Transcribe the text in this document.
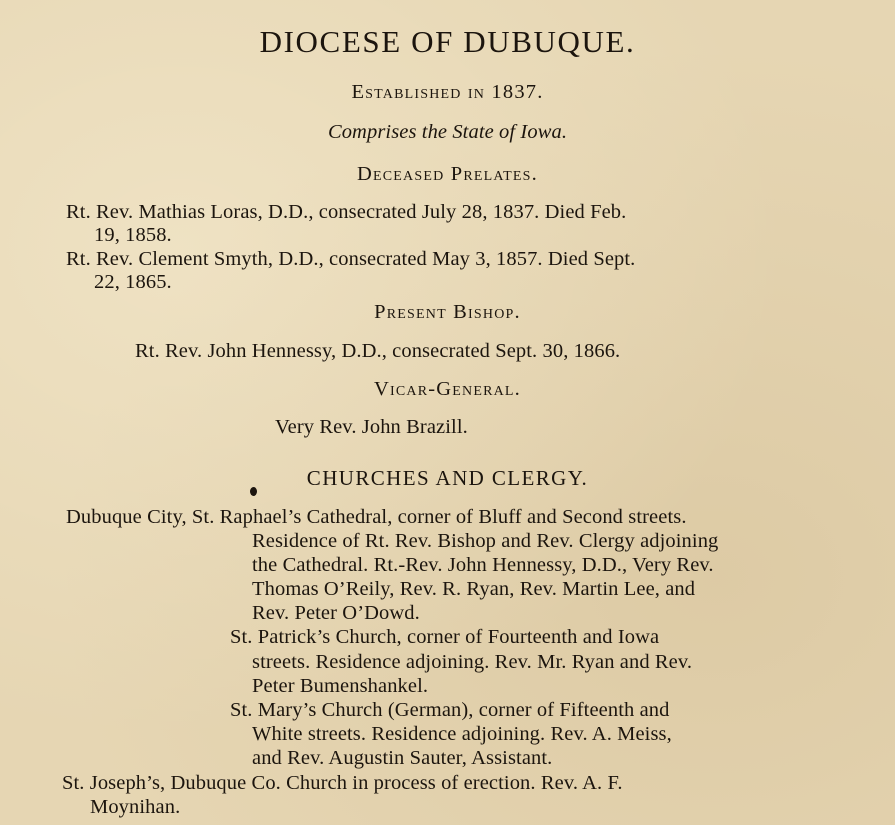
DIOCESE OF DUBUQUE.
Established in 1837.
Comprises the State of Iowa.
Deceased Prelates.
Rt. Rev. Mathias Loras, D.D., consecrated July 28, 1837. Died Feb.
19, 1858.
Rt. Rev. Clement Smyth, D.D., consecrated May 3, 1857. Died Sept.
22, 1865.
Present Bishop.
Rt. Rev. John Hennessy, D.D., consecrated Sept. 30, 1866.
Vicar-General.
Very Rev. John Brazill.
CHURCHES AND CLERGY.
Dubuque City, St. Raphael’s Cathedral, corner of Bluff and Second streets.
Residence of Rt. Rev. Bishop and Rev. Clergy adjoining
the Cathedral. Rt.-Rev. John Hennessy, D.D., Very Rev.
Thomas O’Reily, Rev. R. Ryan, Rev. Martin Lee, and
Rev. Peter O’Dowd.
St. Patrick’s Church, corner of Fourteenth and Iowa
streets. Residence adjoining. Rev. Mr. Ryan and Rev.
Peter Bumenshankel.
St. Mary’s Church (German), corner of Fifteenth and
White streets. Residence adjoining. Rev. A. Meiss,
and Rev. Augustin Sauter, Assistant.
St. Joseph’s, Dubuque Co. Church in process of erection. Rev. A. F.
Moynihan.
